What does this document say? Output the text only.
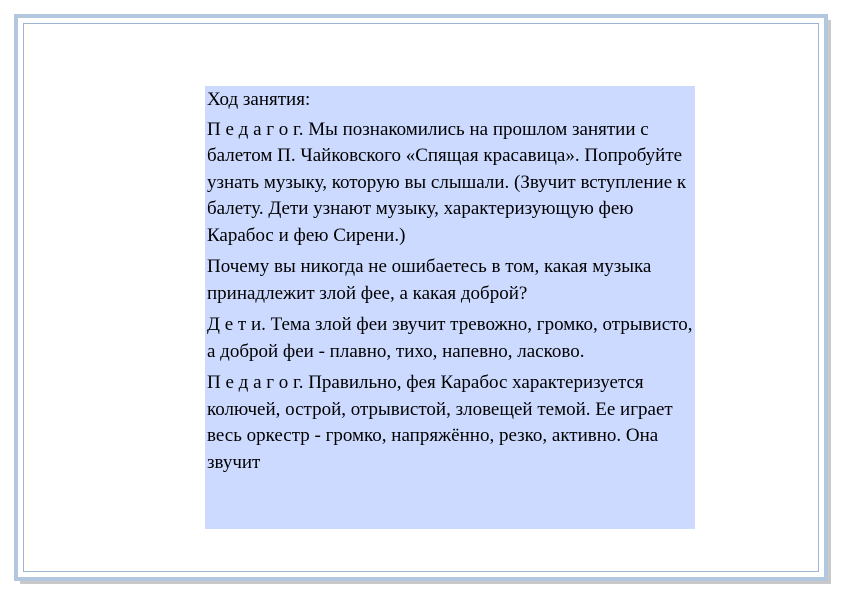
Ход занятия:

П е д а г о г. Мы познакомились на прошлом занятии с балетом П. Чайковского «Спящая красавица». Попробуйте узнать музыку, которую вы слышали. (Звучит вступление к балету. Дети узнают музыку, характеризующую фею Карабос и фею Сирени.)

Почему вы никогда не ошибаетесь в том, какая музыка принадлежит злой фее, а какая доброй?

Д е т и. Тема злой феи звучит тревожно, громко, отрывисто, а доброй феи - плавно, тихо, напевно, ласково.

П е д а г о г. Правильно, фея Карабос характеризуется колючей, острой, отрывистой, зловещей темой. Ее играет весь оркестр - громко, напряжённо, резко, активно. Она звучит
